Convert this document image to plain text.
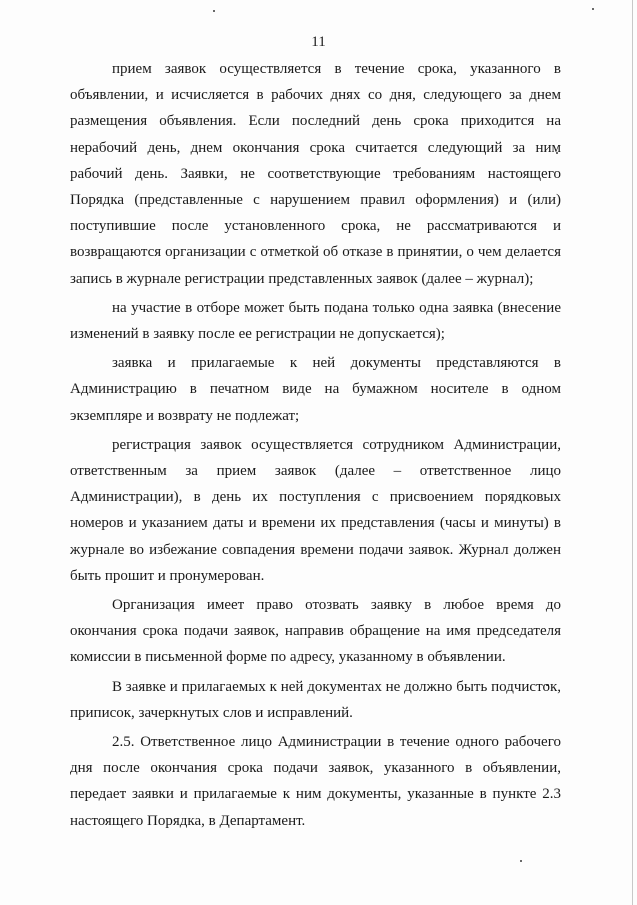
11

прием заявок осуществляется в течение срока, указанного в объявлении, и исчисляется в рабочих днях со дня, следующего за днем размещения объявления. Если последний день срока приходится на нерабочий день, днем окончания срока считается следующий за ним рабочий день. Заявки, не соответствующие требованиям настоящего Порядка (представленные с нарушением правил оформления) и (или) поступившие после установленного срока, не рассматриваются и возвращаются организации с отметкой об отказе в принятии, о чем делается запись в журнале регистрации представленных заявок (далее – журнал);

на участие в отборе может быть подана только одна заявка (внесение изменений в заявку после ее регистрации не допускается);

заявка и прилагаемые к ней документы представляются в Администрацию в печатном виде на бумажном носителе в одном экземпляре и возврату не подлежат;

регистрация заявок осуществляется сотрудником Администрации, ответственным за прием заявок (далее – ответственное лицо Администрации), в день их поступления с присвоением порядковых номеров и указанием даты и времени их представления (часы и минуты) в журнале во избежание совпадения времени подачи заявок. Журнал должен быть прошит и пронумерован.

Организация имеет право отозвать заявку в любое время до окончания срока подачи заявок, направив обращение на имя председателя комиссии в письменной форме по адресу, указанному в объявлении.

В заявке и прилагаемых к ней документах не должно быть подчисток, приписок, зачеркнутых слов и исправлений.

2.5. Ответственное лицо Администрации в течение одного рабочего дня после окончания срока подачи заявок, указанного в объявлении, передает заявки и прилагаемые к ним документы, указанные в пункте 2.3 настоящего Порядка, в Департамент.
